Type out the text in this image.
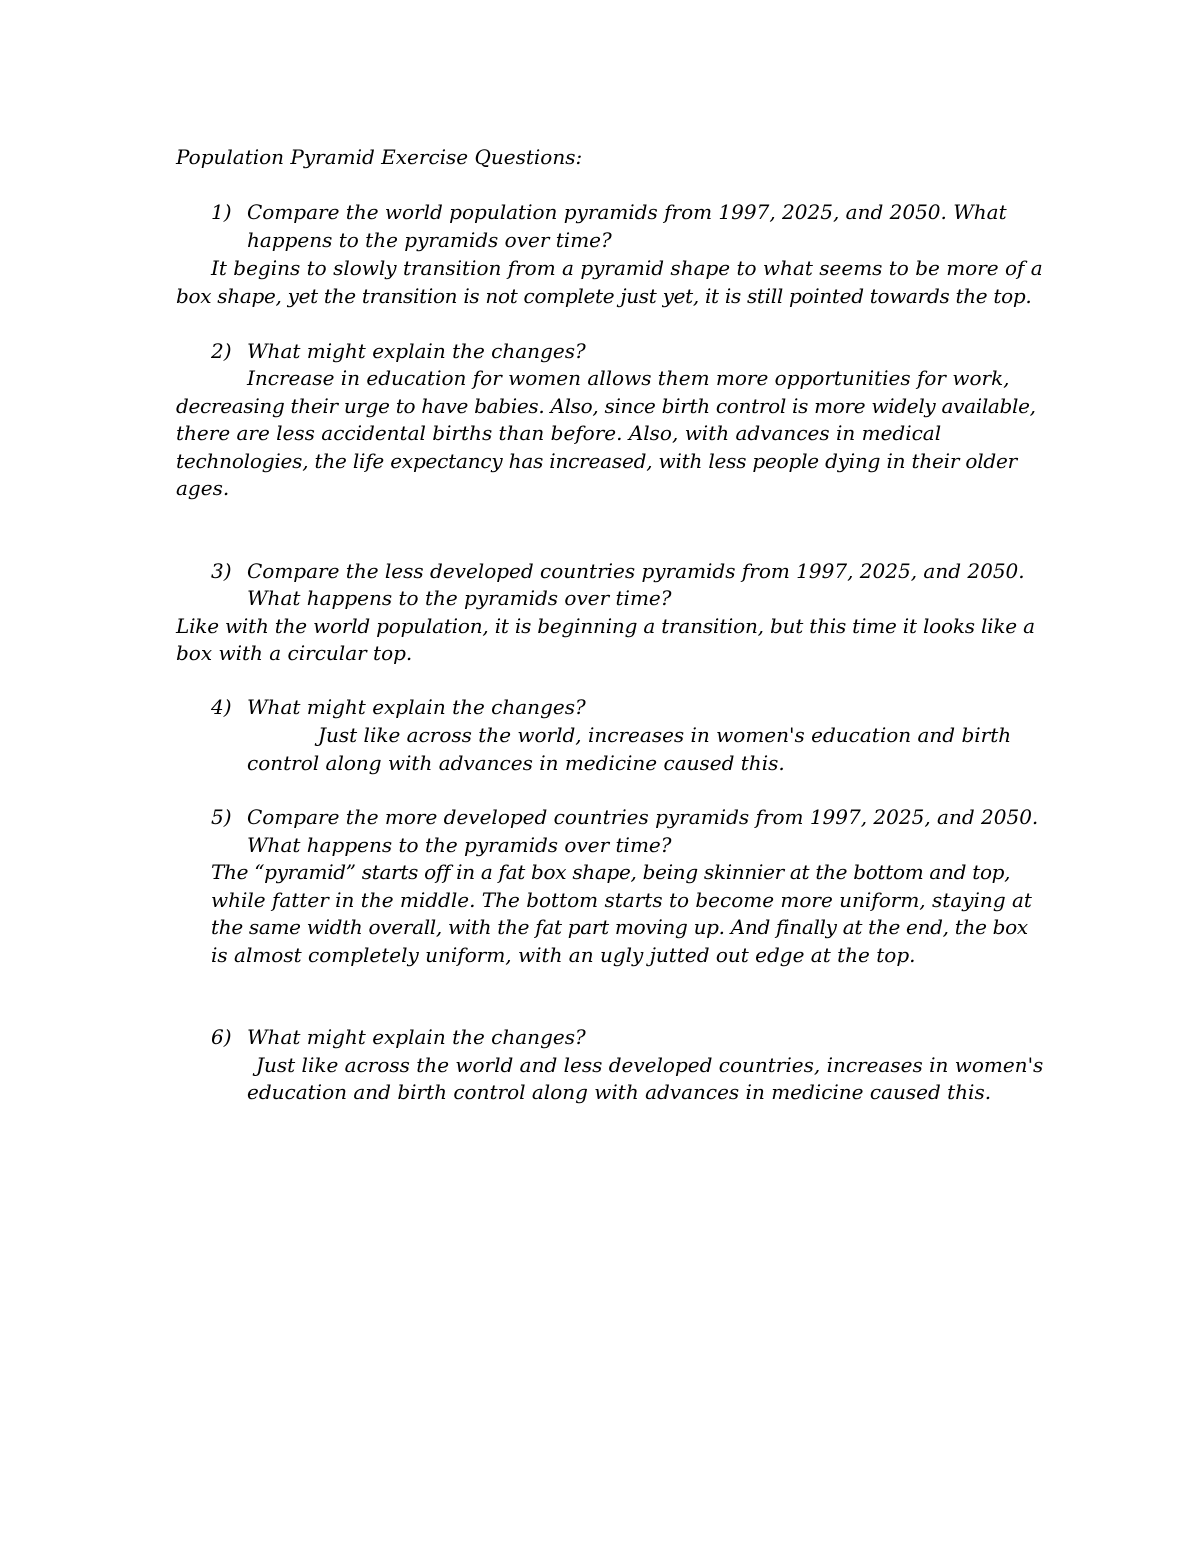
Population Pyramid Exercise Questions:
1) Compare the world population pyramids from 1997, 2025, and 2050. What
happens to the pyramids over time?
It begins to slowly transition from a pyramid shape to what seems to be more of a
box shape, yet the transition is not complete just yet, it is still pointed towards the top.
2) What might explain the changes?
Increase in education for women allows them more opportunities for work,
decreasing their urge to have babies. Also, since birth control is more widely available,
there are less accidental births than before. Also, with advances in medical
technologies, the life expectancy has increased, with less people dying in their older
ages.
3) Compare the less developed countries pyramids from 1997, 2025, and 2050.
What happens to the pyramids over time?
Like with the world population, it is beginning a transition, but this time it looks like a
box with a circular top.
4) What might explain the changes?
Just like across the world, increases in women's education and birth
control along with advances in medicine caused this.
5) Compare the more developed countries pyramids from 1997, 2025, and 2050.
What happens to the pyramids over time?
The “pyramid” starts off in a fat box shape, being skinnier at the bottom and top,
while fatter in the middle. The bottom starts to become more uniform, staying at
the same width overall, with the fat part moving up. And finally at the end, the box
is almost completely uniform, with an ugly jutted out edge at the top.
6) What might explain the changes?
Just like across the world and less developed countries, increases in women's
education and birth control along with advances in medicine caused this.
